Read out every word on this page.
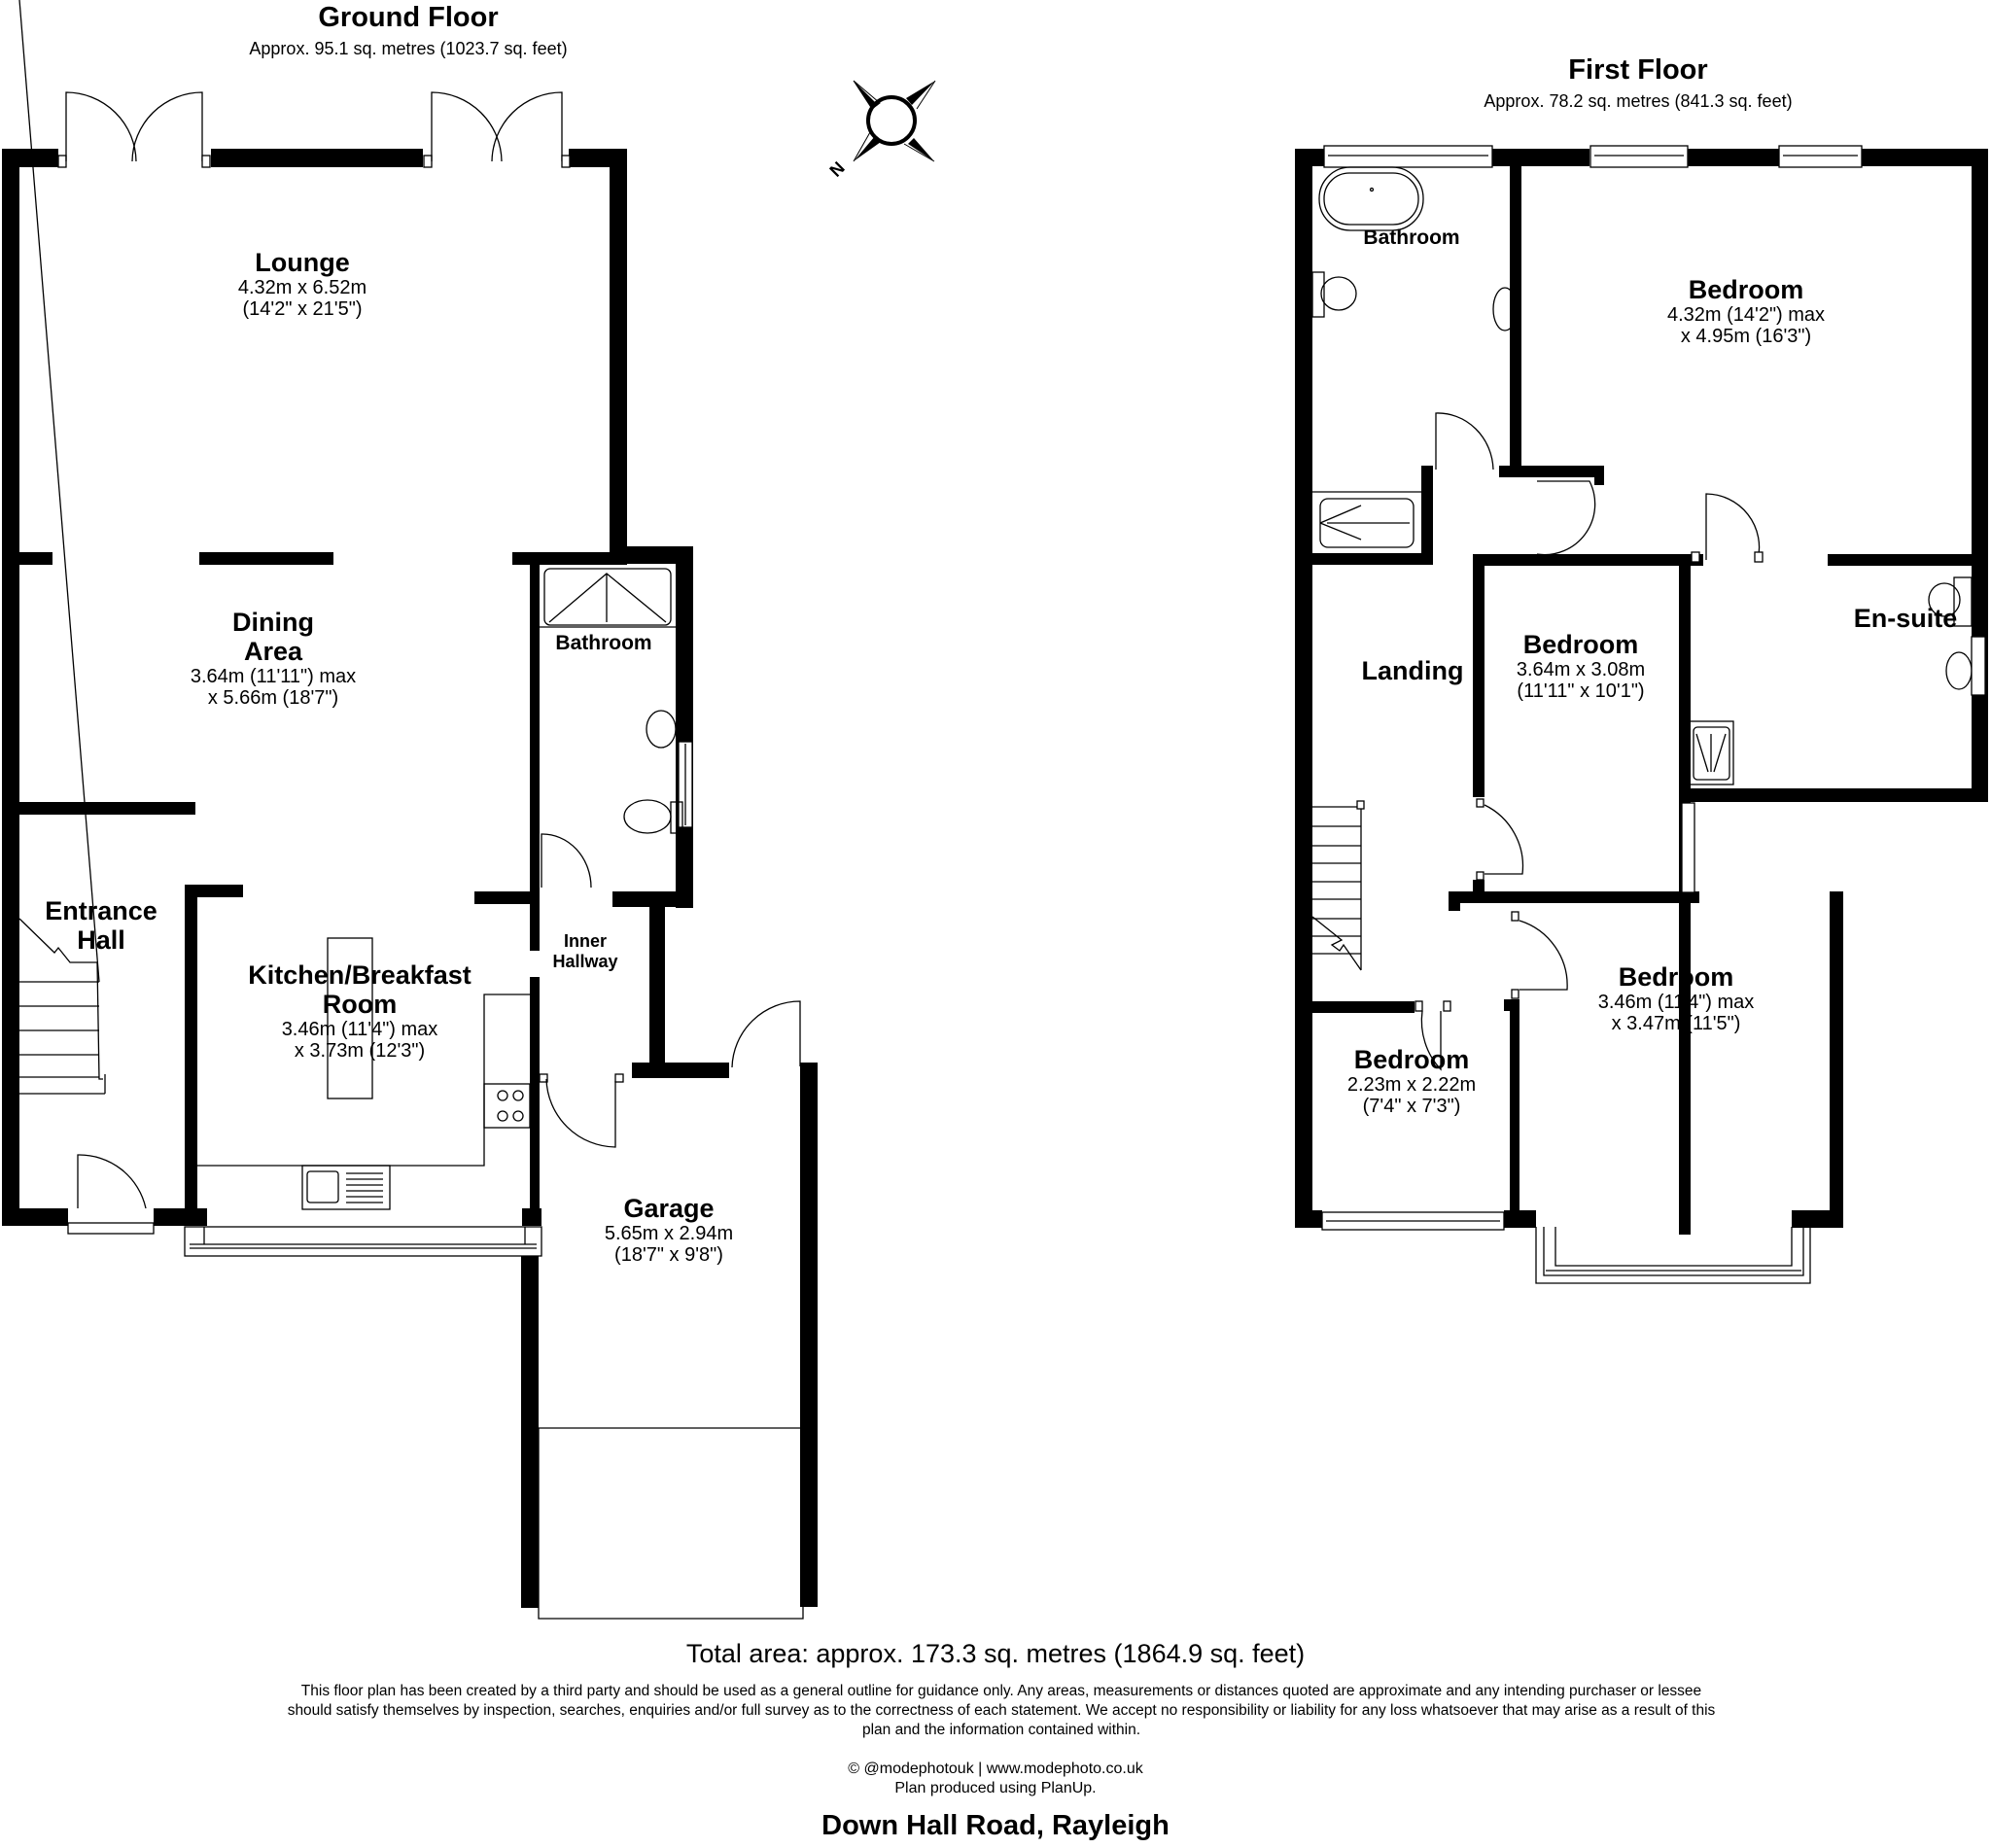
N
Ground Floor
Approx. 95.1 sq. metres (1023.7 sq. feet)
Lounge
4.32m x 6.52m
(14'2" x 21'5")
Dining
Area
3.64m (11'11") max
x 5.66m (18'7")
Bathroom
Entrance
Hall
Kitchen/Breakfast
Room
3.46m (11'4") max
x 3.73m (12'3")
Inner
Hallway
Garage
5.65m x 2.94m
(18'7" x 9'8")
First Floor
Approx. 78.2 sq. metres (841.3 sq. feet)
Bathroom
Bedroom
4.32m (14'2") max
x 4.95m (16'3")
Landing
Bedroom
3.64m x 3.08m
(11'11" x 10'1")
En-suite
Bedroom
3.46m (11'4") max
x 3.47m (11'5")
Bedroom
2.23m x 2.22m
(7'4" x 7'3")
Total area: approx. 173.3 sq. metres (1864.9 sq. feet)
This floor plan has been created by a third party and should be used as a general outline for guidance only. Any areas, measurements or distances quoted are approximate and any intending purchaser or lessee
should satisfy themselves by inspection, searches, enquiries and/or full survey as to the correctness of each statement. We accept no responsibility or liability for any loss whatsoever that may arise as a result of this
plan and the information contained within.
© @modephotouk | www.modephoto.co.uk
Plan produced using PlanUp.
Down Hall Road, Rayleigh
